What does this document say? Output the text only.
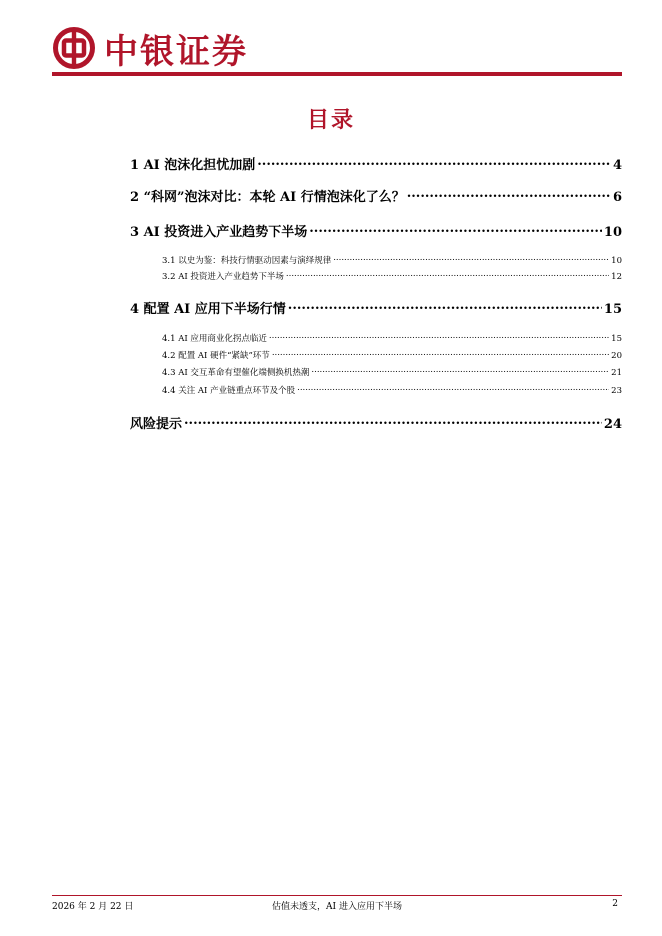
中银证券
目录
1 AI 泡沫化担忧加剧 .....	4
2 “科网”泡沫对比：本轮 AI 行情泡沫化了么？ .....	6
3 AI 投资进入产业趋势下半场 .....	10
3.1 以史为鉴：科技行情驱动因素与演绎规律 .....	10
3.2 AI 投资进入产业趋势下半场 .....	12
4 配置 AI 应用下半场行情 .....	15
4.1 AI 应用商业化拐点临近 .....	15
4.2 配置 AI 硬件“紧缺”环节 .....	20
4.3 AI 交互革命有望催化端侧换机热潮 .....	21
4.4 关注 AI 产业链重点环节及个股 .....	23
风险提示 .....	24
2026 年 2 月 22 日	估值未透支，AI 进入应用下半场	2
